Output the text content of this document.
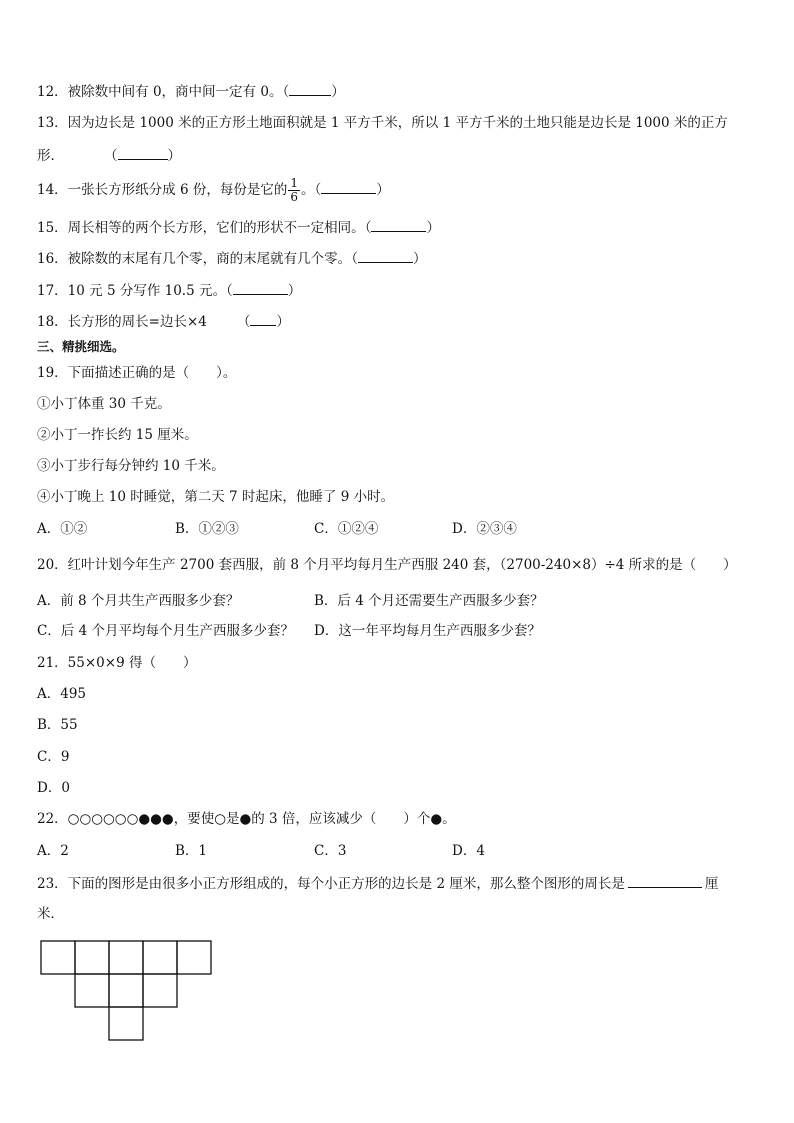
12．被除数中间有 0，商中间一定有 0。（	）
13．因为边长是 1000 米的正方形土地面积就是 1 平方千米，所以 1 平方千米的土地只能是边长是 1000 米的正方
形．	（	）
14．一张长方形纸分成 6 份，每份是它的 $\frac{1}{6}$ 。（	）
15．周长相等的两个长方形，它们的形状不一定相同。（	）
16．被除数的末尾有几个零，商的末尾就有几个零。（	）
17．10 元 5 分写作 10.5 元。（	）
18．长方形的周长=边长×4 （ ）
三、精挑细选。
19．下面描述正确的是（　　）。
①小丁体重 30 千克。
②小丁一拃长约 15 厘米。
③小丁步行每分钟约 10 千米。
④小丁晚上 10 时睡觉，第二天 7 时起床，他睡了 9 小时。
A．①②	B．①②③	C．①②④	D．②③④
20．红叶计划今年生产 2700 套西服，前 8 个月平均每月生产西服 240 套，（2700-240×8）÷4 所求的是（　　）
A．前 8 个月共生产西服多少套？	B．后 4 个月还需要生产西服多少套？
C．后 4 个月平均每个月生产西服多少套？ D．这一年平均每月生产西服多少套？
21．55×0×9 得（　　）
A．495
B．55
C．9
D．0
22．○○○○○○●●●，要使○是●的 3 倍，应该减少（　　）个●。
A．2	B．1	C．3	D．4
23．下面的图形是由很多小正方形组成的，每个小正方形的边长是 2 厘米，那么整个图形的周长是	厘
米．
